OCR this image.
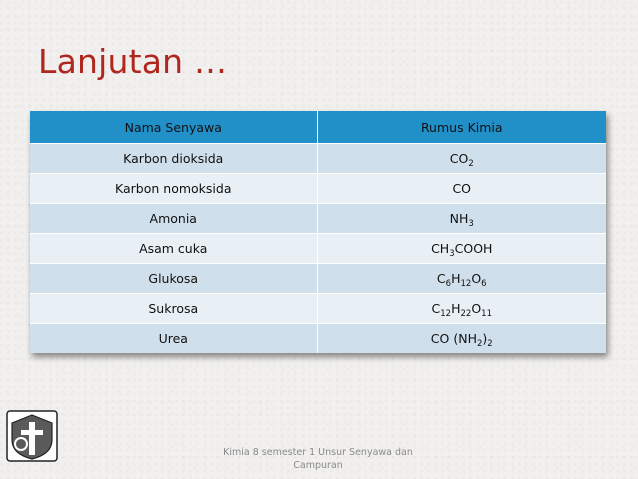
Lanjutan …
Nama Senyawa	Rumus Kimia
Karbon dioksida	$CO_2$
Karbon nomoksida	CO
Amonia	$NH_3$
Asam cuka	$CH_3COOH$
Glukosa	$C_6H_{12}O_6$
Sukrosa	$C_{12}H_{22}O_{11}$
Urea	CO $(NH_2)_2$
Kimia 8 semester 1 Unsur Senyawa dan Campuran
